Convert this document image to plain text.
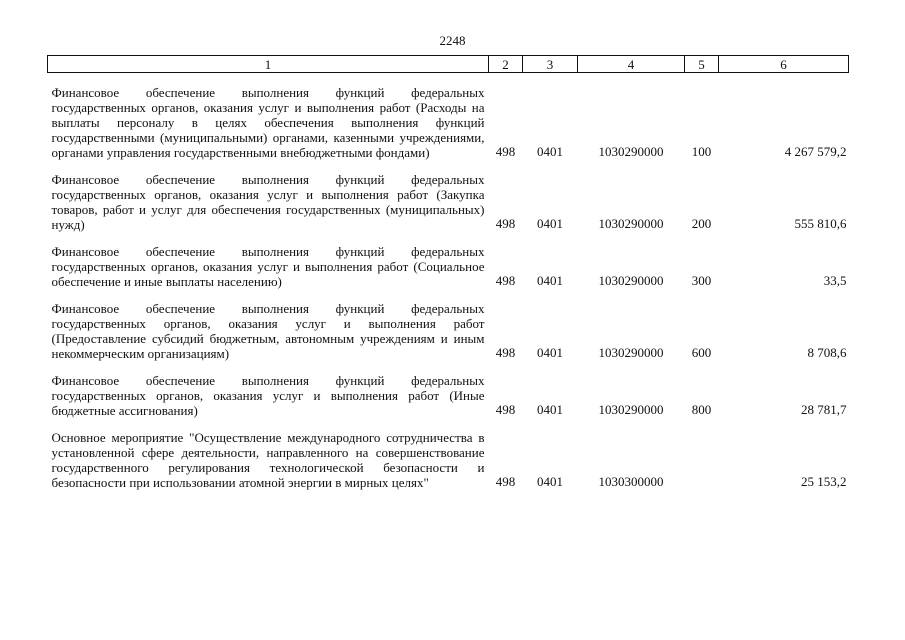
2248
1	2	3	4	5	6
Финансовое обеспечение выполнения функций федеральных государственных органов, оказания услуг и выполнения работ (Расходы на выплаты персоналу в целях обеспечения выполнения функций государственными (муниципальными) органами, казенными учреждениями, органами управления государственными внебюджетными фондами)	498	0401	1030290000	100	4 267 579,2
Финансовое обеспечение выполнения функций федеральных государственных органов, оказания услуг и выполнения работ (Закупка товаров, работ и услуг для обеспечения государственных (муниципальных) нужд)	498	0401	1030290000	200	555 810,6
Финансовое обеспечение выполнения функций федеральных государственных органов, оказания услуг и выполнения работ (Социальное обеспечение и иные выплаты населению)	498	0401	1030290000	300	33,5
Финансовое обеспечение выполнения функций федеральных государственных органов, оказания услуг и выполнения работ (Предоставление субсидий бюджетным, автономным учреждениям и иным некоммерческим организациям)	498	0401	1030290000	600	8 708,6
Финансовое обеспечение выполнения функций федеральных государственных органов, оказания услуг и выполнения работ (Иные бюджетные ассигнования)	498	0401	1030290000	800	28 781,7
Основное мероприятие "Осуществление международного сотрудничества в установленной сфере деятельности, направленного на совершенствование государственного регулирования технологической безопасности и безопасности при использовании атомной энергии в мирных целях"	498	0401	1030300000		25 153,2
